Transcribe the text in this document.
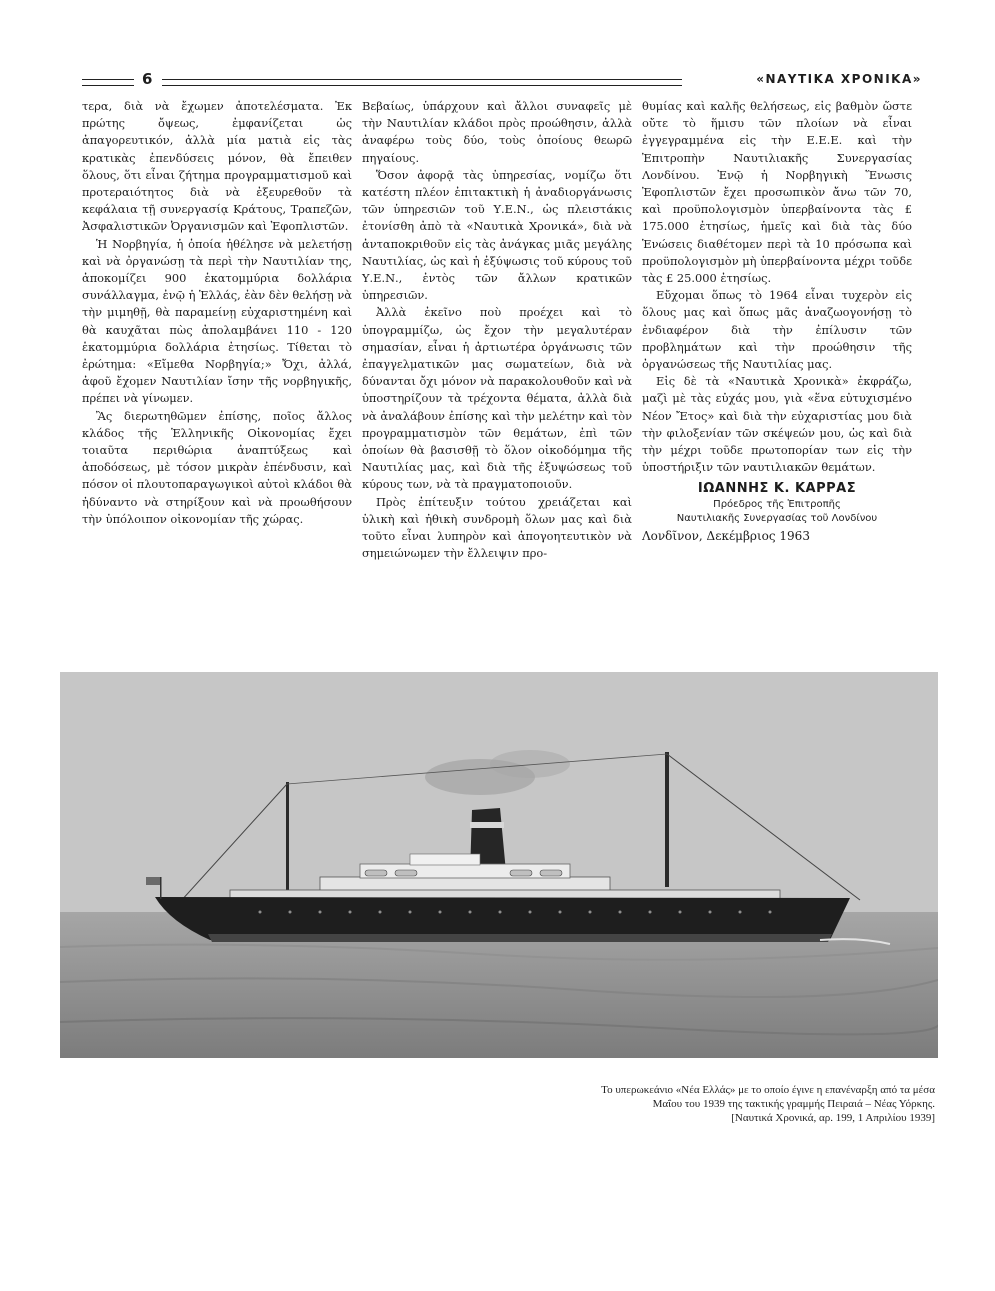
6	«ΝΑΥΤΙΚΑ ΧΡΟΝΙΚΑ»

τερα, διὰ νὰ ἔχωμεν ἀποτελέσματα. Ἐκ πρώτης ὄψεως, ἐμφανίζεται ὡς ἀπαγορευτικόν, ἀλλὰ μία ματιὰ εἰς τὰς κρατικὰς ἐπενδύσεις μόνον, θὰ ἔπειθεν ὅλους, ὅτι εἶναι ζήτημα προγραμματισμοῦ καὶ προτεραιότητος διὰ νὰ ἐξευρεθοῦν τὰ κεφάλαια τῇ συνεργασίᾳ Κράτους, Τραπεζῶν, Ἀσφαλιστικῶν Ὀργανισμῶν καὶ Ἐφοπλιστῶν.

Ἡ Νορβηγία, ἡ ὁποία ἠθέλησε νὰ μελετήσῃ καὶ νὰ ὀργανώσῃ τὰ περὶ τὴν Ναυτιλίαν της, ἀποκομίζει 900 ἑκατομμύρια δολλάρια συνάλλαγμα, ἐνῷ ἡ Ἑλλάς, ἐὰν δὲν θελήσῃ νὰ τὴν μιμηθῇ, θὰ παραμείνῃ εὐχαριστημένη καὶ θὰ καυχᾶται πὼς ἀπολαμβάνει 110 - 120 ἑκατομμύρια δολλάρια ἐτησίως. Τίθεται τὸ ἐρώτημα: «Εἴμεθα Νορβηγία;» Ὄχι, ἀλλά, ἀφοῦ ἔχομεν Ναυτιλίαν ἴσην τῆς νορβηγικῆς, πρέπει νὰ γίνωμεν.

Ἂς διερωτηθῶμεν ἐπίσης, ποῖος ἄλλος κλάδος τῆς Ἑλληνικῆς Οἰκονομίας ἔχει τοιαῦτα περιθώρια ἀναπτύξεως καὶ ἀποδόσεως, μὲ τόσον μικρὰν ἐπένδυσιν, καὶ πόσον οἱ πλουτοπαραγωγικοὶ αὐτοὶ κλάδοι θὰ ἠδύναντο νὰ στηρίξουν καὶ νὰ προωθήσουν τὴν ὑπόλοιπον οἰκονομίαν τῆς χώρας.

Βεβαίως, ὑπάρχουν καὶ ἄλλοι συναφεῖς μὲ τὴν Ναυτιλίαν κλάδοι πρὸς προώθησιν, ἀλλὰ ἀναφέρω τοὺς δύο, τοὺς ὁποίους θεωρῶ πηγαίους.

Ὅσον ἀφορᾷ τὰς ὑπηρεσίας, νομίζω ὅτι κατέστη πλέον ἐπιτακτικὴ ἡ ἀναδιοργάνωσις τῶν ὑπηρεσιῶν τοῦ Υ.Ε.Ν., ὡς πλειστάκις ἐτονίσθη ἀπὸ τὰ «Ναυτικὰ Χρονικά», διὰ νὰ ἀνταποκριθοῦν εἰς τὰς ἀνάγκας μιᾶς μεγάλης Ναυτιλίας, ὡς καὶ ἡ ἐξύψωσις τοῦ κύρους τοῦ Υ.Ε.Ν., ἐντὸς τῶν ἄλλων κρατικῶν ὑπηρεσιῶν.

Ἀλλὰ ἐκεῖνο ποὺ προέχει καὶ τὸ ὑπογραμμίζω, ὡς ἔχον τὴν μεγαλυτέραν σημασίαν, εἶναι ἡ ἀρτιωτέρα ὀργάνωσις τῶν ἐπαγγελματικῶν μας σωματείων, διὰ νὰ δύνανται ὄχι μόνον νὰ παρακολουθοῦν καὶ νὰ ὑποστηρίζουν τὰ τρέχοντα θέματα, ἀλλὰ διὰ νὰ ἀναλάβουν ἐπίσης καὶ τὴν μελέτην καὶ τὸν προγραμματισμὸν τῶν θεμάτων, ἐπὶ τῶν ὁποίων θὰ βασισθῇ τὸ ὅλον οἰκοδόμημα τῆς Ναυτιλίας μας, καὶ διὰ τῆς ἐξυψώσεως τοῦ κύρους των, νὰ τὰ πραγματοποιοῦν.

Πρὸς ἐπίτευξιν τούτου χρειάζεται καὶ ὑλικὴ καὶ ἠθικὴ συνδρομὴ ὅλων μας καὶ διὰ τοῦτο εἶναι λυπηρὸν καὶ ἀπογοητευτικὸν νὰ σημειώνωμεν τὴν ἔλλειψιν προ-

θυμίας καὶ καλῆς θελήσεως, εἰς βαθμὸν ὥστε οὔτε τὸ ἥμισυ τῶν πλοίων νὰ εἶναι ἐγγεγραμμένα εἰς τὴν Ε.Ε.Ε. καὶ τὴν Ἐπιτροπὴν Ναυτιλιακῆς Συνεργασίας Λονδίνου. Ἐνῷ ἡ Νορβηγικὴ Ἕνωσις Ἐφοπλιστῶν ἔχει προσωπικὸν ἄνω τῶν 70, καὶ προϋπολογισμὸν ὑπερβαίνοντα τὰς £ 175.000 ἐτησίως, ἡμεῖς καὶ διὰ τὰς δύο Ἑνώσεις διαθέτομεν περὶ τὰ 10 πρόσωπα καὶ προϋπολογισμὸν μὴ ὑπερβαίνοντα μέχρι τοῦδε τὰς £ 25.000 ἐτησίως.

Εὔχομαι ὅπως τὸ 1964 εἶναι τυχερὸν εἰς ὅλους μας καὶ ὅπως μᾶς ἀναζωογονήσῃ τὸ ἐνδιαφέρον διὰ τὴν ἐπίλυσιν τῶν προβλημάτων καὶ τὴν προώθησιν τῆς ὀργανώσεως τῆς Ναυτιλίας μας.

Εἰς δὲ τὰ «Ναυτικὰ Χρονικὰ» ἐκφράζω, μαζὶ μὲ τὰς εὐχάς μου, γιὰ «ἕνα εὐτυχισμένο Νέον Ἔτος» καὶ διὰ τὴν εὐχαριστίας μου διὰ τὴν φιλοξενίαν τῶν σκέψεών μου, ὡς καὶ διὰ τὴν μέχρι τοῦδε πρωτοπορίαν των εἰς τὴν ὑποστήριξιν τῶν ναυτιλιακῶν θεμάτων.

ΙΩΑΝΝΗΣ Κ. ΚΑΡΡΑΣ
Πρόεδρος τῆς Ἐπιτροπῆς
Ναυτιλιακῆς Συνεργασίας τοῦ Λονδίνου
Λονδῖνον, Δεκέμβριος 1963
Το υπερωκεάνιο «Νέα Ελλάς» με το οποίο έγινε η επανέναρξη από τα μέσα
Μαΐου του 1939 της τακτικής γραμμής Πειραιά – Νέας Υόρκης.
[Ναυτικά Χρονικά, αρ. 199, 1 Απριλίου 1939]
